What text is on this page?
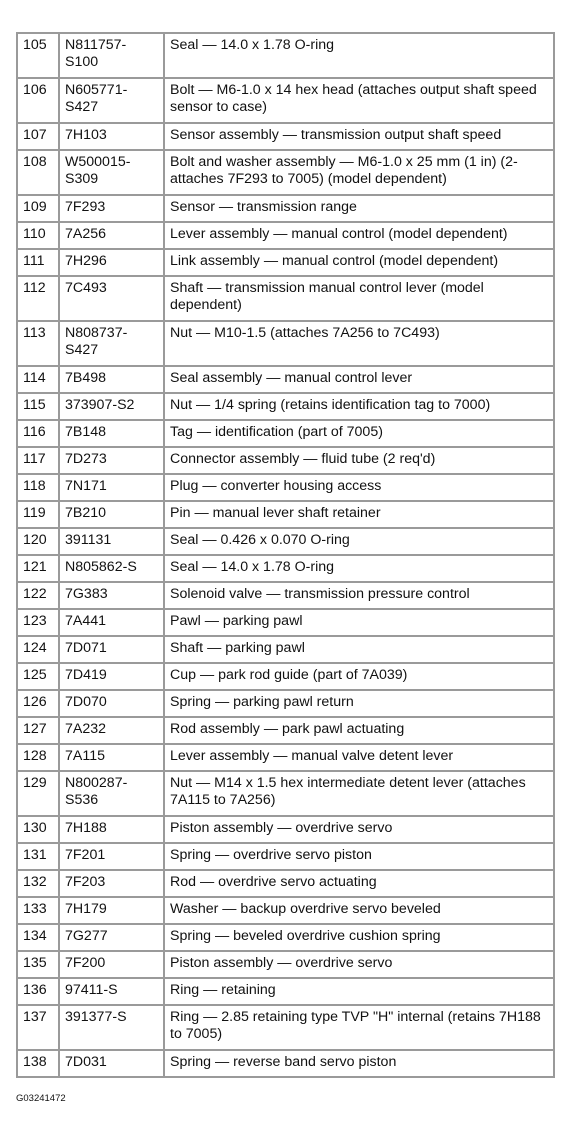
105	N811757-S100	Seal — 14.0 x 1.78 O-ring
106	N605771-S427	Bolt — M6-1.0 x 14 hex head (attaches output shaft speed sensor to case)
107	7H103	Sensor assembly — transmission output shaft speed
108	W500015-S309	Bolt and washer assembly — M6-1.0 x 25 mm (1 in) (2-attaches 7F293 to 7005) (model dependent)
109	7F293	Sensor — transmission range
110	7A256	Lever assembly — manual control (model dependent)
111	7H296	Link assembly — manual control (model dependent)
112	7C493	Shaft — transmission manual control lever (model dependent)
113	N808737-S427	Nut — M10-1.5 (attaches 7A256 to 7C493)
114	7B498	Seal assembly — manual control lever
115	373907-S2	Nut — 1/4 spring (retains identification tag to 7000)
116	7B148	Tag — identification (part of 7005)
117	7D273	Connector assembly — fluid tube (2 req'd)
118	7N171	Plug — converter housing access
119	7B210	Pin — manual lever shaft retainer
120	391131	Seal — 0.426 x 0.070 O-ring
121	N805862-S	Seal — 14.0 x 1.78 O-ring
122	7G383	Solenoid valve — transmission pressure control
123	7A441	Pawl — parking pawl
124	7D071	Shaft — parking pawl
125	7D419	Cup — park rod guide (part of 7A039)
126	7D070	Spring — parking pawl return
127	7A232	Rod assembly — park pawl actuating
128	7A115	Lever assembly — manual valve detent lever
129	N800287-S536	Nut — M14 x 1.5 hex intermediate detent lever (attaches 7A115 to 7A256)
130	7H188	Piston assembly — overdrive servo
131	7F201	Spring — overdrive servo piston
132	7F203	Rod — overdrive servo actuating
133	7H179	Washer — backup overdrive servo beveled
134	7G277	Spring — beveled overdrive cushion spring
135	7F200	Piston assembly — overdrive servo
136	97411-S	Ring — retaining
137	391377-S	Ring — 2.85 retaining type TVP "H" internal (retains 7H188 to 7005)
138	7D031	Spring — reverse band servo piston
G03241472
